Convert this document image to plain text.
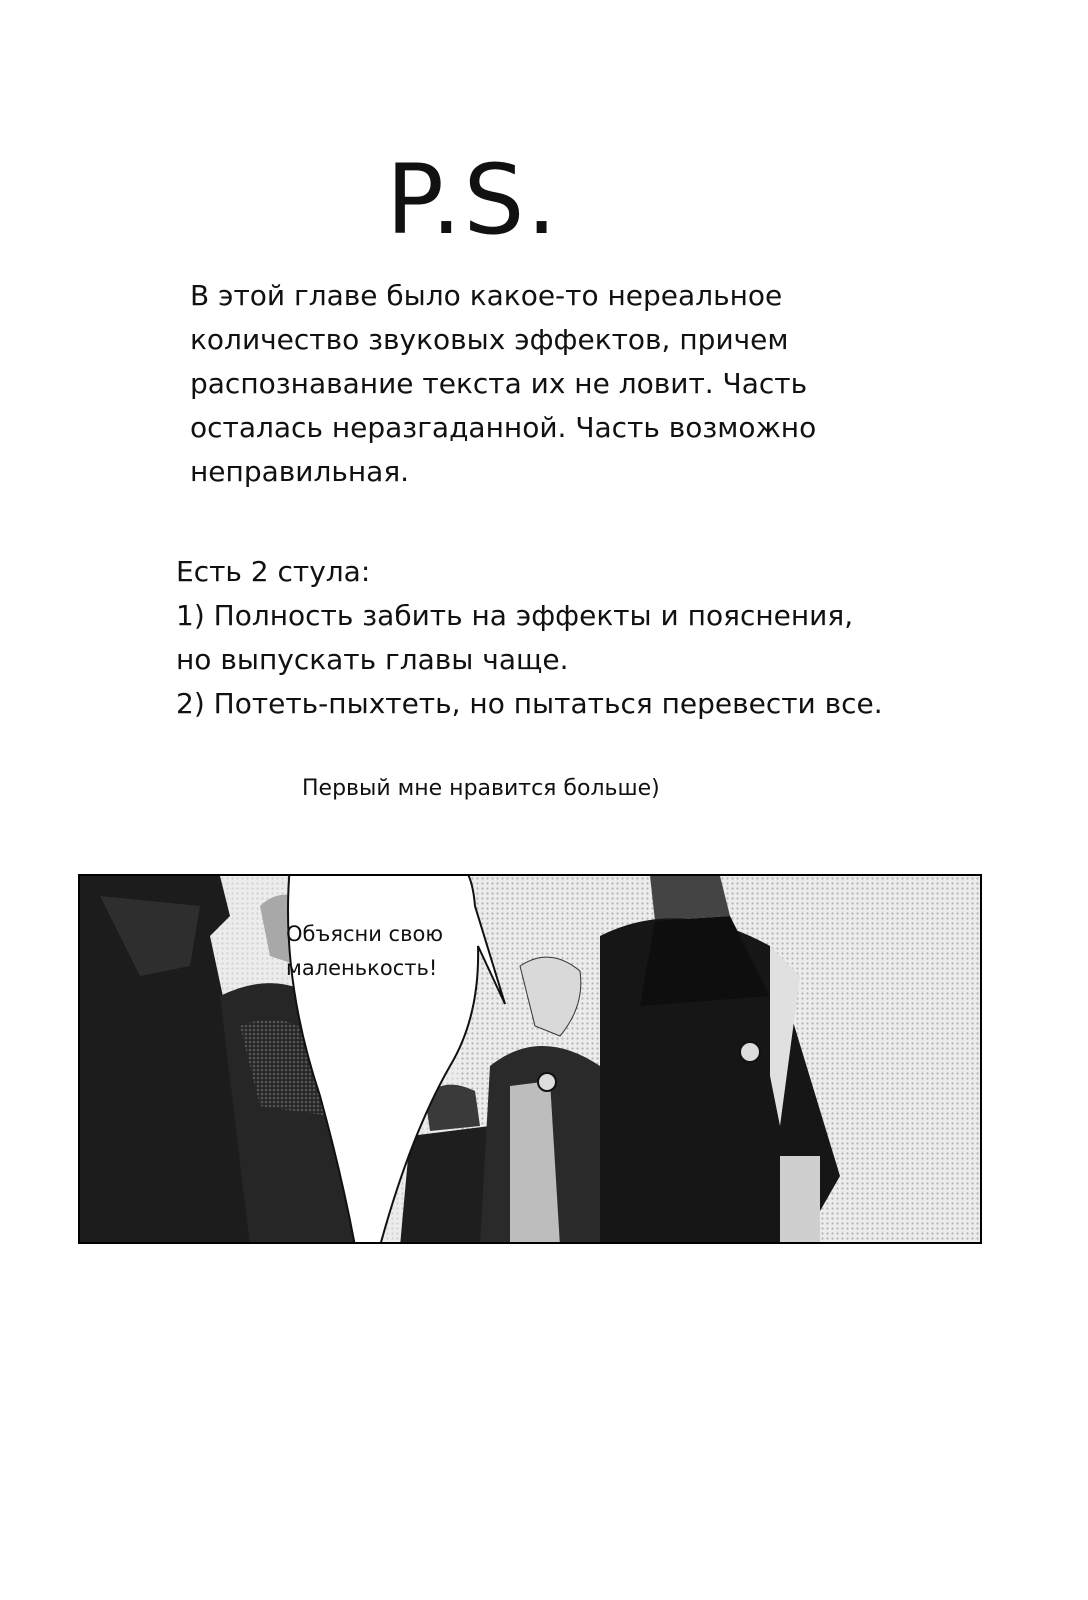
P.S.

В этой главе было какое-то нереальное
количество звуковых эффектов, причем
распознавание текста их не ловит. Часть
осталась неразгаданной. Часть возможно
неправильная.

Есть 2 стула:
1) Полность забить на эффекты и пояснения,
но выпускать главы чаще.
2) Потеть-пыхтеть, но пытаться перевести все.

Первый мне нравится больше)

Объясни свою
маленькость!
